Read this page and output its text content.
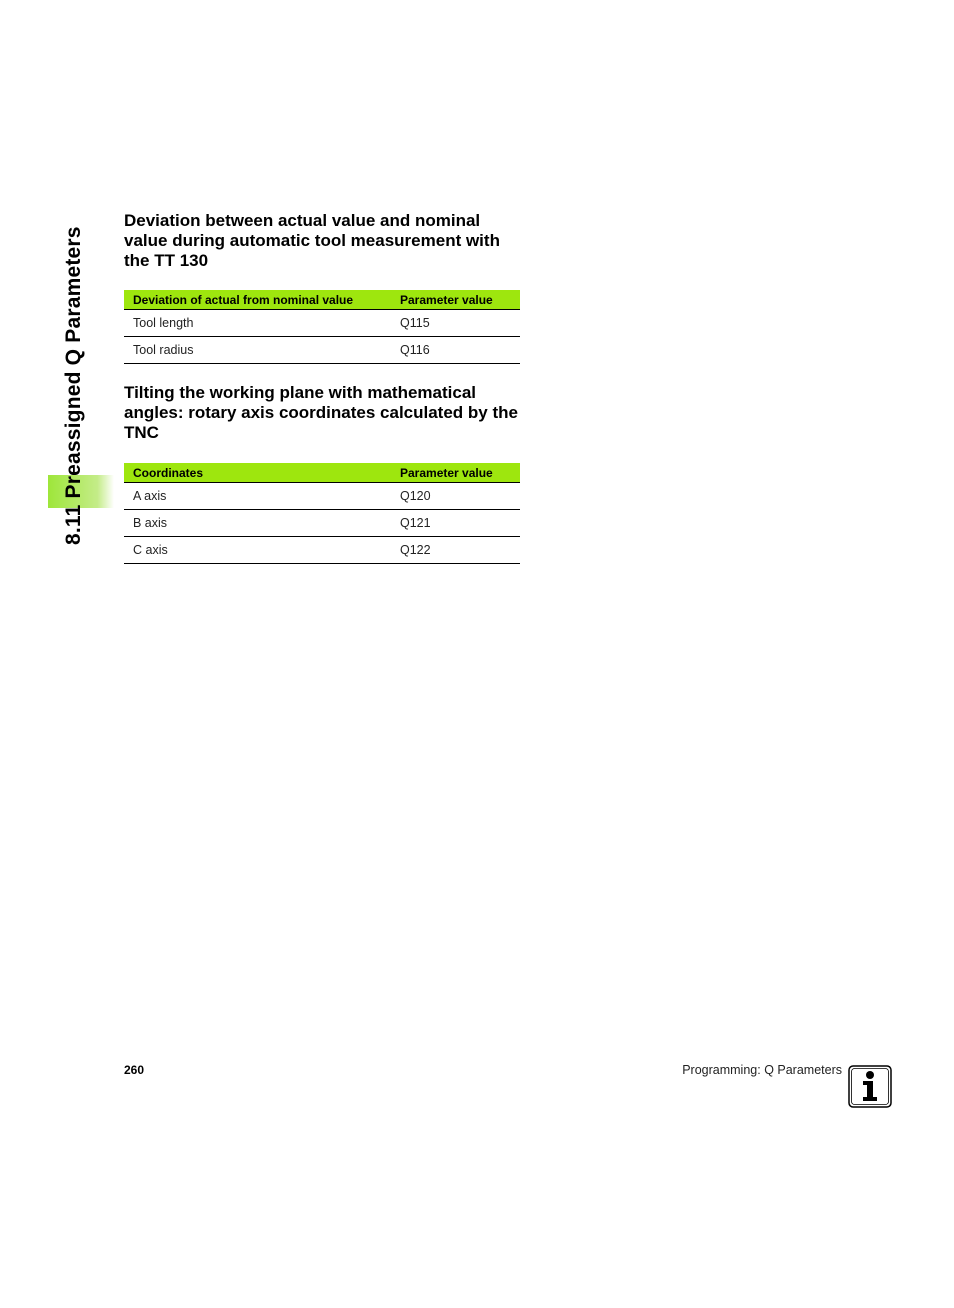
8.11 Preassigned Q Parameters
Deviation between actual value and nominal value during automatic tool measurement with the TT 130
Deviation of actual from nominal value	Parameter value
Tool length	Q115
Tool radius	Q116
Tilting the working plane with mathematical angles: rotary axis coordinates calculated by the TNC
Coordinates	Parameter value
A axis	Q120
B axis	Q121
C axis	Q122
260	Programming: Q Parameters
